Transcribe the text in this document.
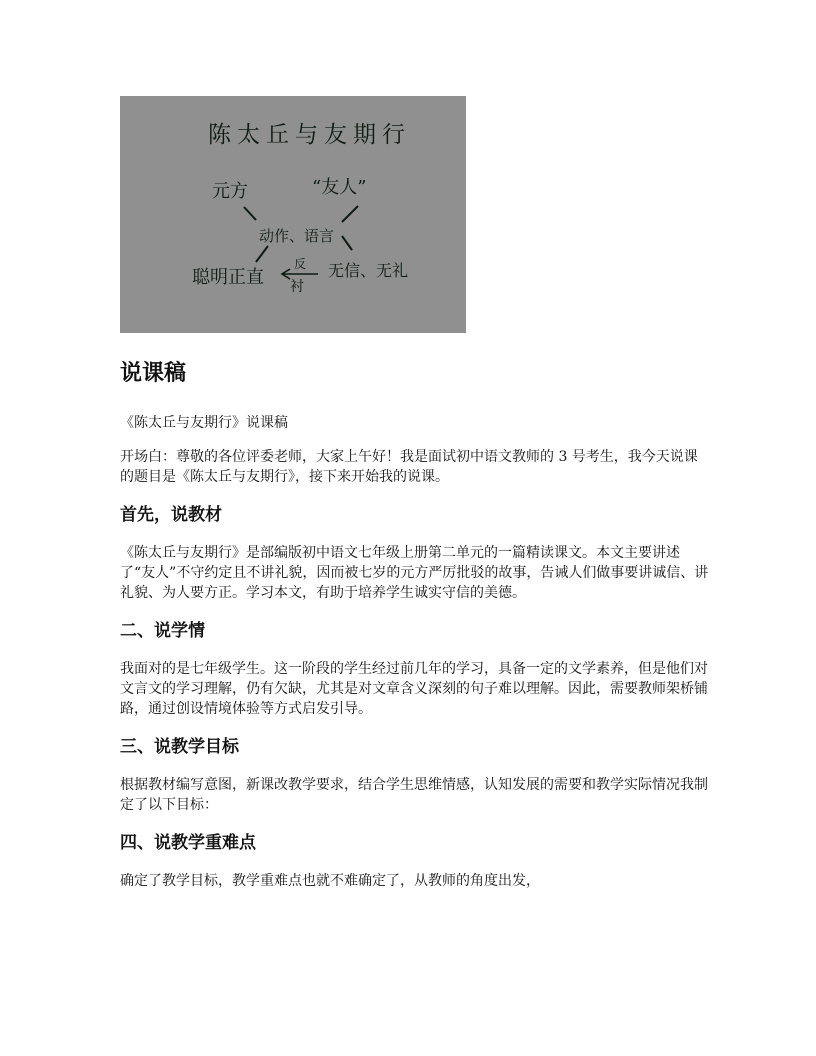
陈太丘与友期行
元方	“友人”
动作、语言
聪明正直
反
衬
无信、无礼
说课稿

《陈太丘与友期行》说课稿

开场白：尊敬的各位评委老师，大家上午好！我是面试初中语文教师的 3 号考生，我今天说课的题目是《陈太丘与友期行》，接下来开始我的说课。

首先，说教材

《陈太丘与友期行》是部编版初中语文七年级上册第二单元的一篇精读课文。本文主要讲述了“友人”不守约定且不讲礼貌，因而被七岁的元方严厉批驳的故事，告诫人们做事要讲诚信、讲礼貌、为人要方正。学习本文，有助于培养学生诚实守信的美德。

二、说学情

我面对的是七年级学生。这一阶段的学生经过前几年的学习，具备一定的文学素养，但是他们对文言文的学习理解，仍有欠缺，尤其是对文章含义深刻的句子难以理解。因此，需要教师架桥铺路，通过创设情境体验等方式启发引导。

三、说教学目标

根据教材编写意图，新课改教学要求，结合学生思维情感，认知发展的需要和教学实际情况我制定了以下目标：

四、说教学重难点

确定了教学目标，教学重难点也就不难确定了，从教师的角度出发，
